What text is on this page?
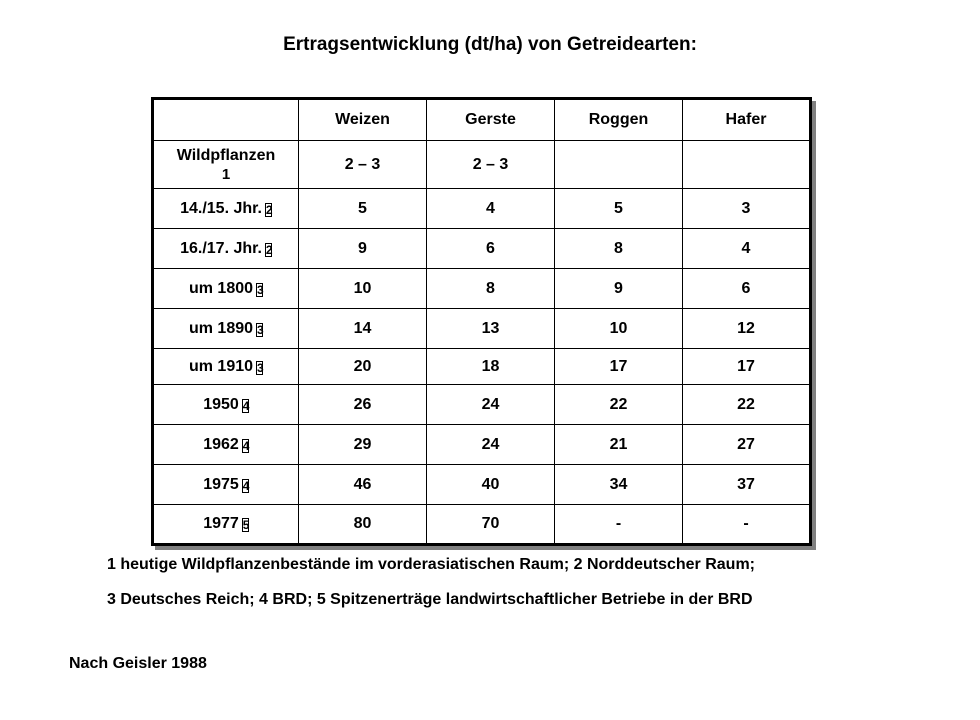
Ertragsentwicklung (dt/ha) von Getreidearten:
	Weizen	Gerste	Roggen	Hafer

Wildpflanzen
1	2 – 3	2 – 3		
14./15. Jhr. 2	5	4	5	3
16./17. Jhr. 2	9	6	8	4
um 1800 3	10	8	9	6
um 1890 3	14	13	10	12
um 1910 3	20	18	17	17
1950 4	26	24	22	22
1962 4	29	24	21	27
1975 4	46	40	34	37
1977 5	80	70	-	-

1 heutige Wildpflanzenbestände im vorderasiatischen Raum; 2 Norddeutscher Raum;

3 Deutsches Reich; 4 BRD; 5 Spitzenerträge landwirtschaftlicher Betriebe in der BRD

Nach Geisler 1988
